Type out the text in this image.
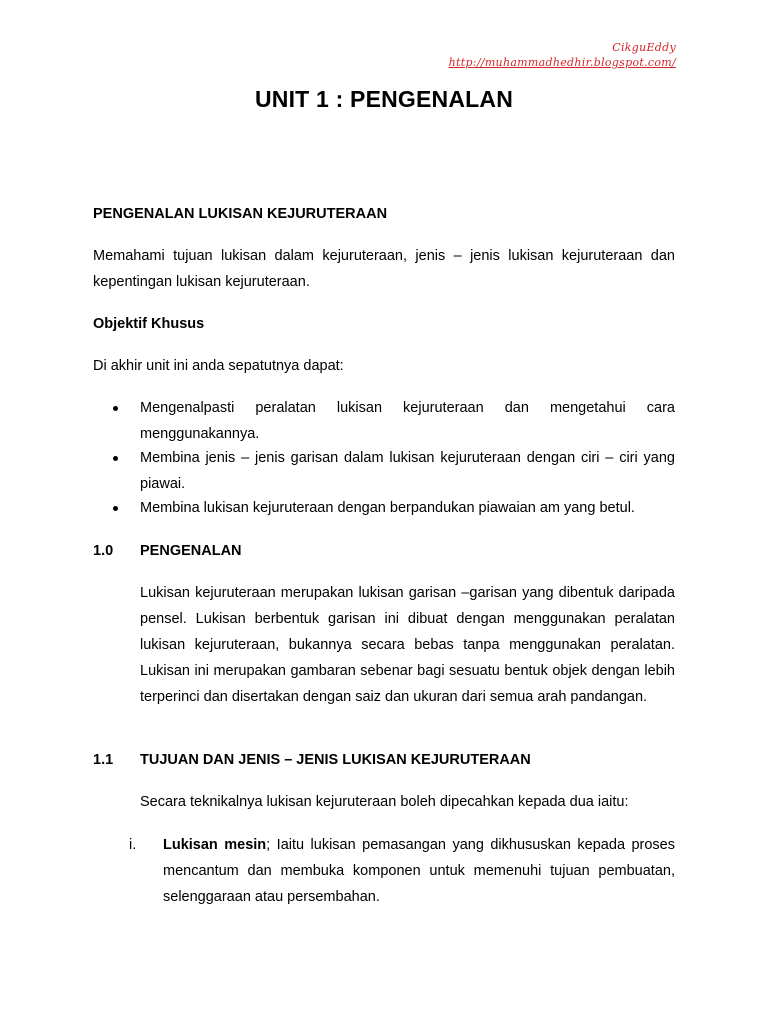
CikguEddy
http://muhammadhedhir.blogspot.com/
UNIT 1 : PENGENALAN
PENGENALAN LUKISAN KEJURUTERAAN
Memahami tujuan lukisan dalam kejuruteraan, jenis – jenis lukisan kejuruteraan dan kepentingan lukisan kejuruteraan.
Objektif Khusus
Di akhir unit ini anda sepatutnya dapat:
Mengenalpasti peralatan lukisan kejuruteraan dan mengetahui cara menggunakannya.
Membina jenis – jenis garisan dalam lukisan kejuruteraan dengan ciri – ciri yang piawai.
Membina lukisan kejuruteraan dengan berpandukan piawaian am yang betul.
1.0 PENGENALAN
Lukisan kejuruteraan merupakan lukisan garisan –garisan yang dibentuk daripada pensel. Lukisan berbentuk garisan ini dibuat dengan menggunakan peralatan lukisan kejuruteraan, bukannya secara bebas tanpa menggunakan peralatan. Lukisan ini merupakan gambaran sebenar bagi sesuatu bentuk objek dengan lebih terperinci dan disertakan dengan saiz dan ukuran dari semua arah pandangan.
1.1 TUJUAN DAN JENIS – JENIS LUKISAN KEJURUTERAAN
Secara teknikalnya lukisan kejuruteraan boleh dipecahkan kepada dua iaitu:
i. Lukisan mesin; Iaitu lukisan pemasangan yang dikhususkan kepada proses mencantum dan membuka komponen untuk memenuhi tujuan pembuatan, selenggaraan atau persembahan.
